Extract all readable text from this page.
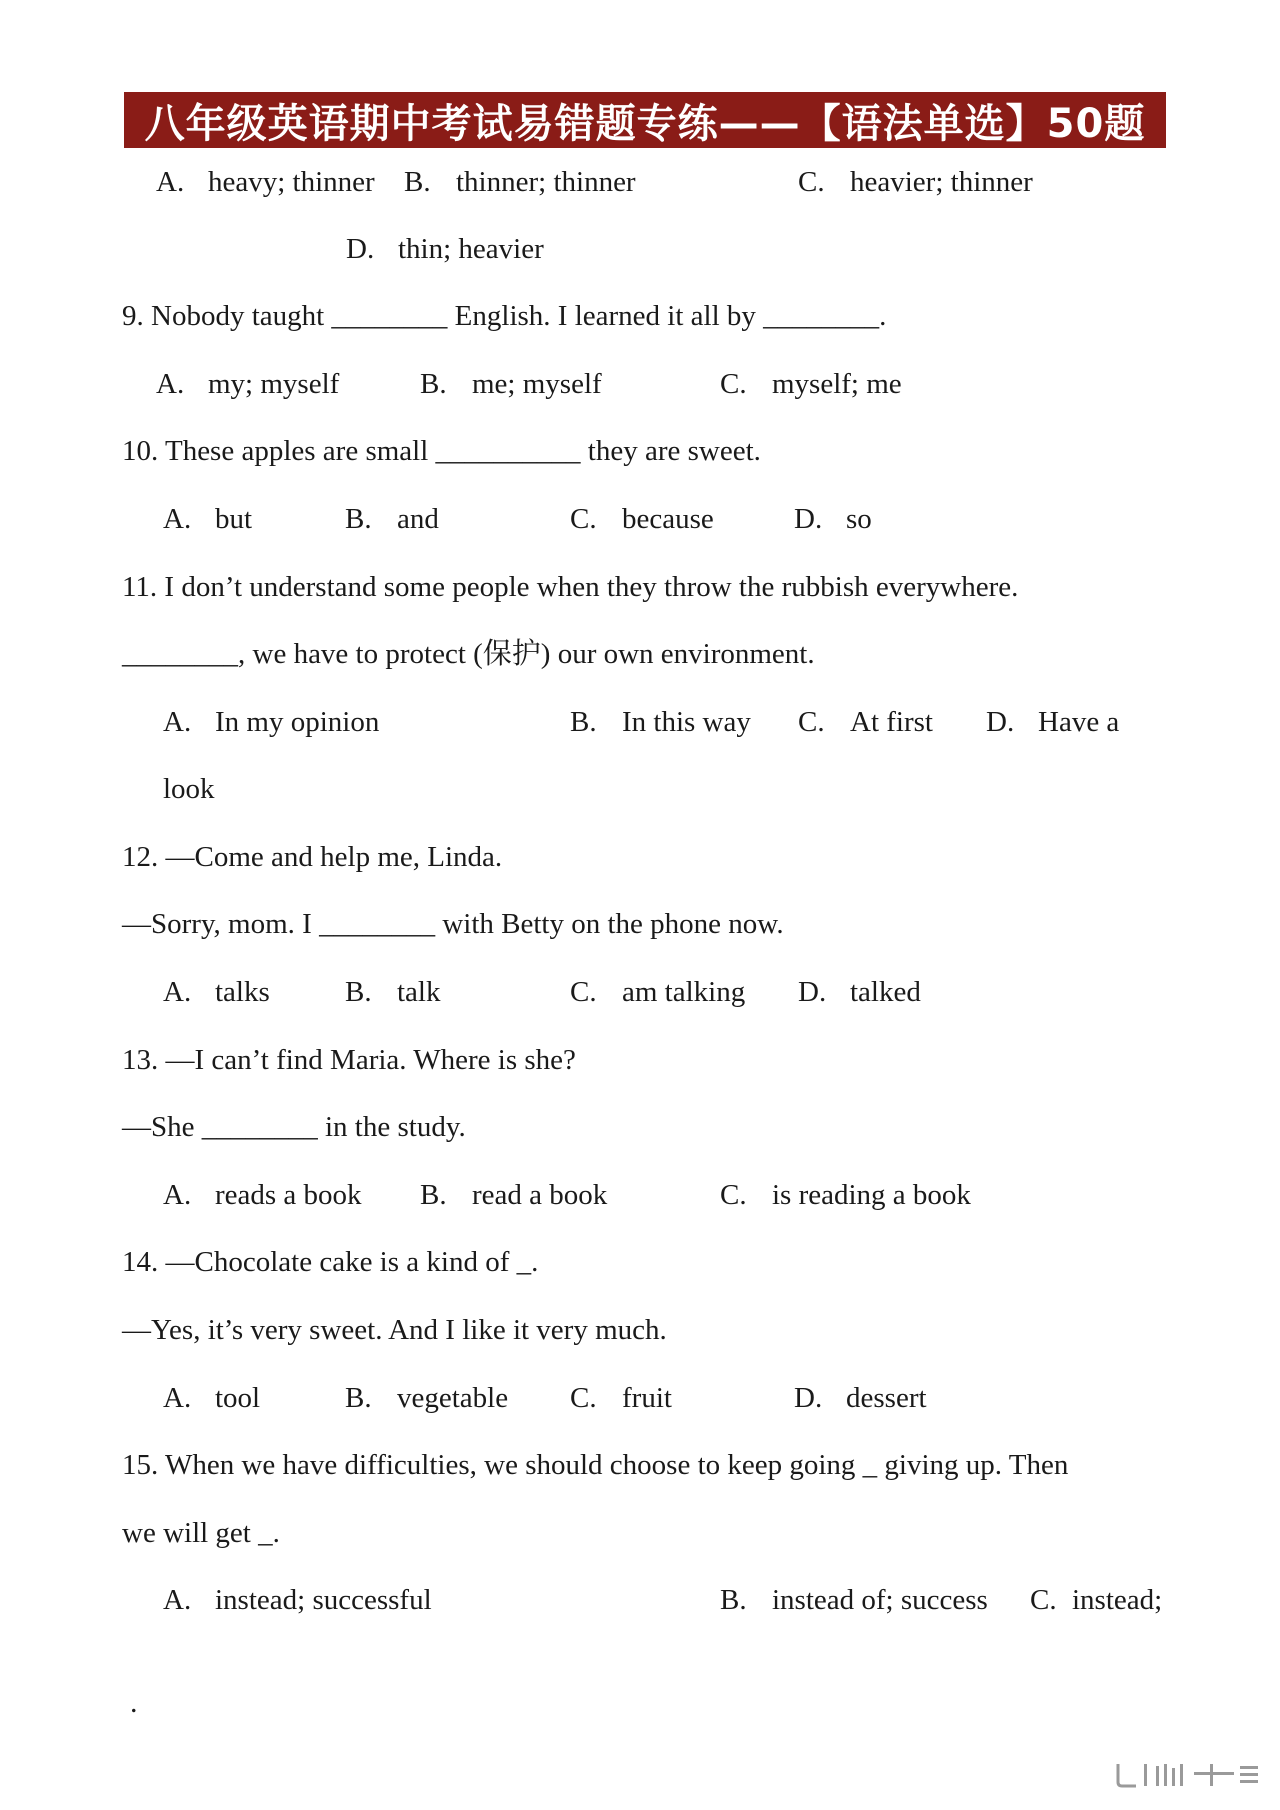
八年级英语期中考试易错题专练——【语法单选】50题
A. heavy; thinner B. thinner; thinner	C. heavier; thinner
D. thin; heavier
9. Nobody taught ________ English. I learned it all by ________.
A. my; myself	B. me; myself	C. myself; me
10. These apples are small __________ they are sweet.
A. but	B. and	C. because	D. so
11. I don’t understand some people when they throw the rubbish everywhere.
________, we have to protect (保护) our own environment.
A. In my opinion	B. In this way C. At first D. Have a
look
12. —Come and help me, Linda.
—Sorry, mom. I ________ with Betty on the phone now.
A. talks	B. talk	C. am talking D. talked
13. —I can’t find Maria. Where is she?
—She ________ in the study.
A. reads a book B. read a book	C. is reading a book
14. —Chocolate cake is a kind of _.
—Yes, it’s very sweet. And I like it very much.
A. tool	B. vegetable C. fruit	D. dessert
15. When we have difficulties, we should choose to keep going _ giving up. Then
we will get _.
A. instead; successful	B. instead of; success C. instead;
.
